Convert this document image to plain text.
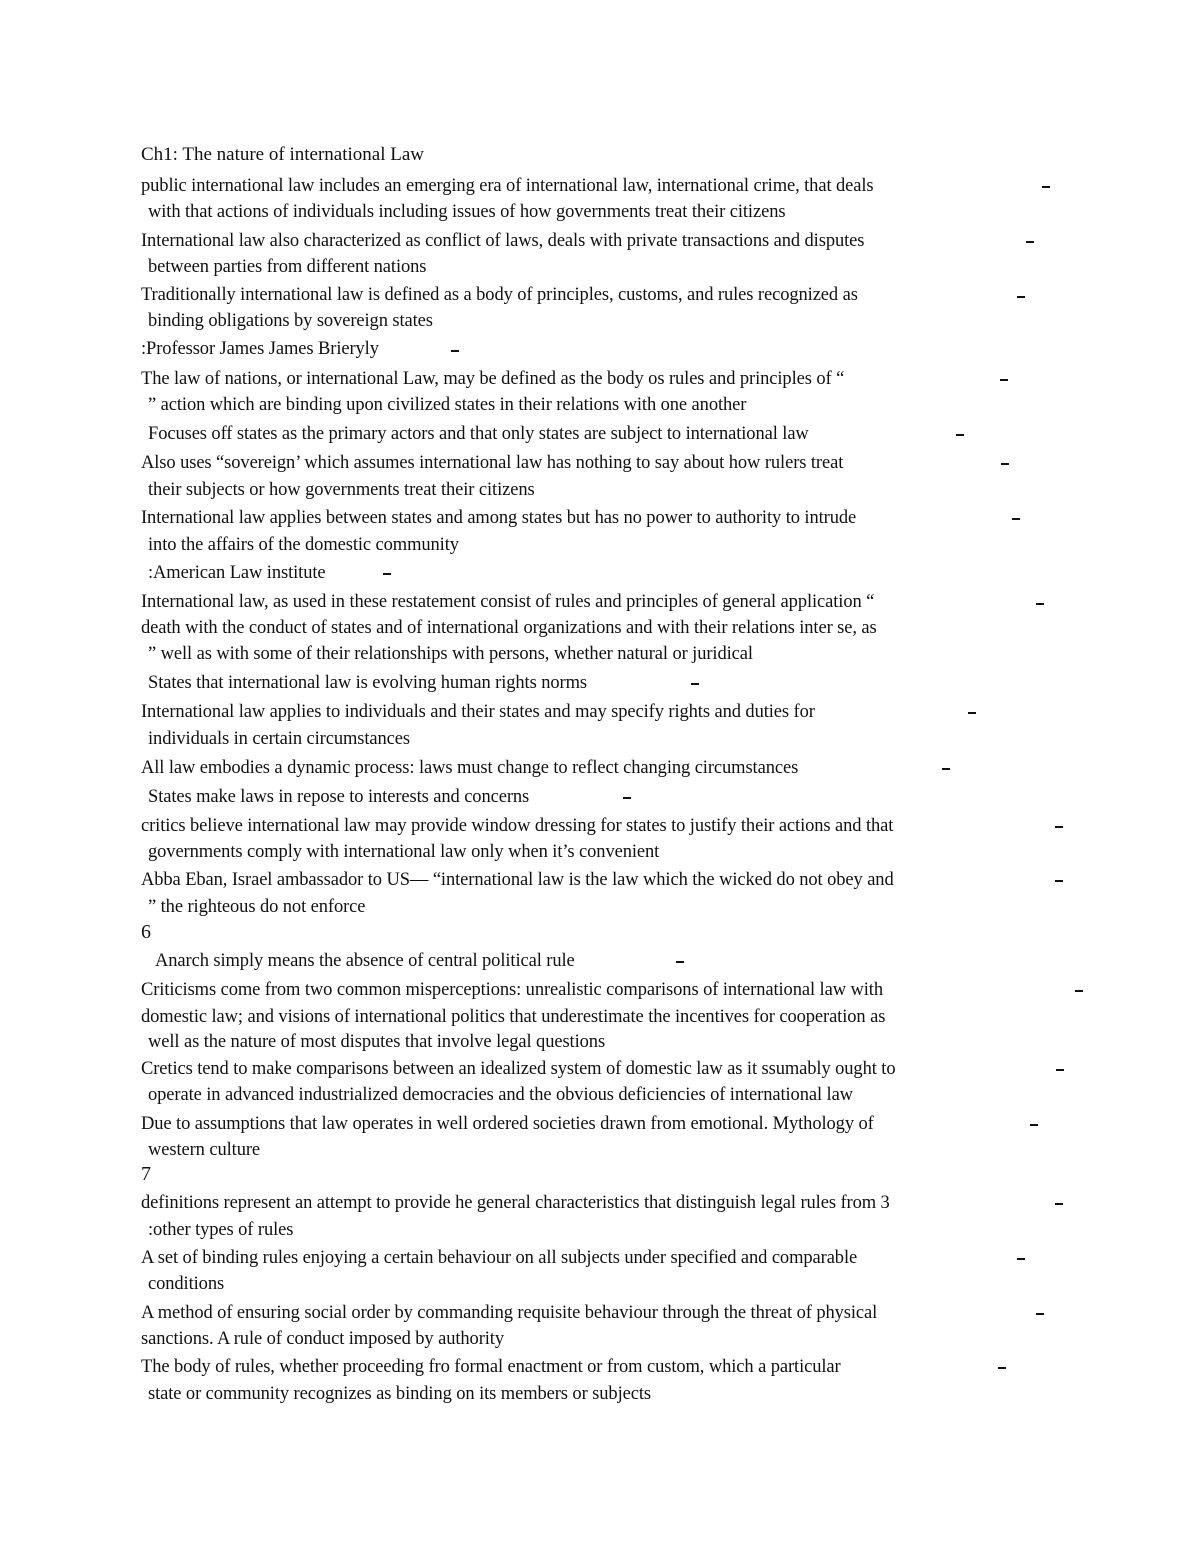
Ch1: The nature of international Law
public international law includes an emerging era of international law, international crime, that deals
with that actions of individuals including issues of how governments treat their citizens
International law also characterized as conflict of laws, deals with private transactions and disputes
between parties from different nations
Traditionally international law is defined as a body of principles, customs, and rules recognized as
binding obligations by sovereign states
:Professor James James Brieryly
The law of nations, or international Law, may be defined as the body os rules and principles of “
” action which are binding upon civilized states in their relations with one another
Focuses off states as the primary actors and that only states are subject to international law
Also uses “sovereign’ which assumes international law has nothing to say about how rulers treat
their subjects or how governments treat their citizens
International law applies between states and among states but has no power to authority to intrude
into the affairs of the domestic community
:American Law institute
International law, as used in these restatement consist of rules and principles of general application “
death with the conduct of states and of international organizations and with their relations inter se, as
” well as with some of their relationships with persons, whether natural or juridical
States that international law is evolving human rights norms
International law applies to individuals and their states and may specify rights and duties for
individuals in certain circumstances
All law embodies a dynamic process: laws must change to reflect changing circumstances
States make laws in repose to interests and concerns
critics believe international law may provide window dressing for states to justify their actions and that
governments comply with international law only when it’s convenient
Abba Eban, Israel ambassador to US— “international law is the law which the wicked do not obey and
” the righteous do not enforce
6
Anarch simply means the absence of central political rule
Criticisms come from two common misperceptions: unrealistic comparisons of international law with
domestic law; and visions of international politics that underestimate the incentives for cooperation as
well as the nature of most disputes that involve legal questions
Cretics tend to make comparisons between an idealized system of domestic law as it ssumably ought to
operate in advanced industrialized democracies and the obvious deficiencies of international law
Due to assumptions that law operates in well ordered societies drawn from emotional. Mythology of
western culture
7
definitions represent an attempt to provide he general characteristics that distinguish legal rules from 3
:other types of rules
A set of binding rules enjoying a certain behaviour on all subjects under specified and comparable
conditions
A method of ensuring social order by commanding requisite behaviour through the threat of physical
sanctions. A rule of conduct imposed by authority
The body of rules, whether proceeding fro formal enactment or from custom, which a particular
state or community recognizes as binding on its members or subjects
